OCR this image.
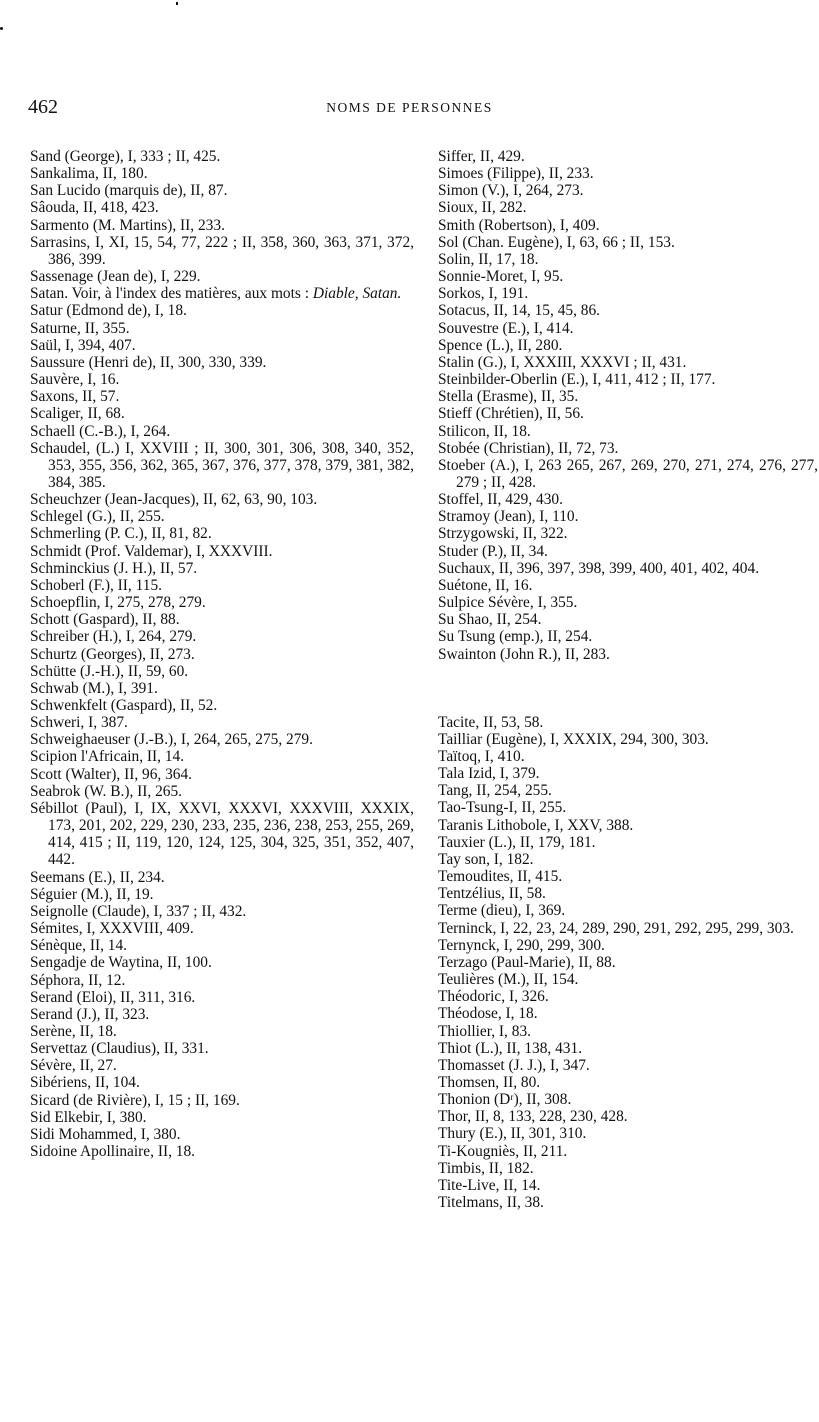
462	NOMS DE PERSONNES

Sand (George), I, 333 ; II, 425.

Sankalima, II, 180.

San Lucido (marquis de), II, 87.

Sâouda, II, 418, 423.

Sarmento (M. Martins), II, 233.

Sarrasins, I, XI, 15, 54, 77, 222 ; II, 358, 360, 363, 371, 372, 386, 399.

Sassenage (Jean de), I, 229.

Satan. Voir, à l'index des matières, aux mots : Diable, Satan.

Satur (Edmond de), I, 18.

Saturne, II, 355.

Saül, I, 394, 407.

Saussure (Henri de), II, 300, 330, 339.

Sauvère, I, 16.

Saxons, II, 57.

Scaliger, II, 68.

Schaell (C.-B.), I, 264.

Schaudel, (L.) I, XXVIII ; II, 300, 301, 306, 308, 340, 352, 353, 355, 356, 362, 365, 367, 376, 377, 378, 379, 381, 382, 384, 385.

Scheuchzer (Jean-Jacques), II, 62, 63, 90, 103.

Schlegel (G.), II, 255.

Schmerling (P. C.), II, 81, 82.

Schmidt (Prof. Valdemar), I, XXXVIII.

Schminckius (J. H.), II, 57.

Schoberl (F.), II, 115.

Schoepflin, I, 275, 278, 279.

Schott (Gaspard), II, 88.

Schreiber (H.), I, 264, 279.

Schurtz (Georges), II, 273.

Schütte (J.-H.), II, 59, 60.

Schwab (M.), I, 391.

Schwenkfelt (Gaspard), II, 52.

Schweri, I, 387.

Schweighaeuser (J.-B.), I, 264, 265, 275, 279.

Scipion l'Africain, II, 14.

Scott (Walter), II, 96, 364.

Seabrok (W. B.), II, 265.

Sébillot (Paul), I, IX, XXVI, XXXVI, XXXVIII, XXXIX, 173, 201, 202, 229, 230, 233, 235, 236, 238, 253, 255, 269, 414, 415 ; II, 119, 120, 124, 125, 304, 325, 351, 352, 407, 442.

Seemans (E.), II, 234.

Séguier (M.), II, 19.

Seignolle (Claude), I, 337 ; II, 432.

Sémites, I, XXXVIII, 409.

Sénèque, II, 14.

Sengadje de Waytina, II, 100.

Séphora, II, 12.

Serand (Eloi), II, 311, 316.

Serand (J.), II, 323.

Serène, II, 18.

Servettaz (Claudius), II, 331.

Sévère, II, 27.

Sibériens, II, 104.

Sicard (de Rivière), I, 15 ; II, 169.

Sid Elkebir, I, 380.

Sidi Mohammed, I, 380.

Sidoine Apollinaire, II, 18.

Siffer, II, 429.

Simoes (Filippe), II, 233.

Simon (V.), I, 264, 273.

Sioux, II, 282.

Smith (Robertson), I, 409.

Sol (Chan. Eugène), I, 63, 66 ; II, 153.

Solin, II, 17, 18.

Sonnie-Moret, I, 95.

Sorkos, I, 191.

Sotacus, II, 14, 15, 45, 86.

Souvestre (E.), I, 414.

Spence (L.), II, 280.

Stalin (G.), I, XXXIII, XXXVI ; II, 431.

Steinbilder-Oberlin (E.), I, 411, 412 ; II, 177.

Stella (Erasme), II, 35.

Stieff (Chrétien), II, 56.

Stilicon, II, 18.

Stobée (Christian), II, 72, 73.

Stoeber (A.), I, 263 265, 267, 269, 270, 271, 274, 276, 277, 279 ; II, 428.

Stoffel, II, 429, 430.

Stramoy (Jean), I, 110.

Strzygowski, II, 322.

Studer (P.), II, 34.

Suchaux, II, 396, 397, 398, 399, 400, 401, 402, 404.

Suétone, II, 16.

Sulpice Sévère, I, 355.

Su Shao, II, 254.

Su Tsung (emp.), II, 254.

Swainton (John R.), II, 283.

Tacite, II, 53, 58.

Tailliar (Eugène), I, XXXIX, 294, 300, 303.

Taïtoq, I, 410.

Tala Izid, I, 379.

Tang, II, 254, 255.

Tao-Tsung-I, II, 255.

Taranis Lithobole, I, XXV, 388.

Tauxier (L.), II, 179, 181.

Tay son, I, 182.

Temoudites, II, 415.

Tentzélius, II, 58.

Terme (dieu), I, 369.

Terninck, I, 22, 23, 24, 289, 290, 291, 292, 295, 299, 303.

Ternynck, I, 290, 299, 300.

Terzago (Paul-Marie), II, 88.

Teulières (M.), II, 154.

Théodoric, I, 326.

Théodose, I, 18.

Thiollier, I, 83.

Thiot (L.), II, 138, 431.

Thomasset (J. J.), I, 347.

Thomsen, II, 80.

Thonion (Dʳ), II, 308.

Thor, II, 8, 133, 228, 230, 428.

Thury (E.), II, 301, 310.

Ti-Kougniès, II, 211.

Timbis, II, 182.

Tite-Live, II, 14.

Titelmans, II, 38.
